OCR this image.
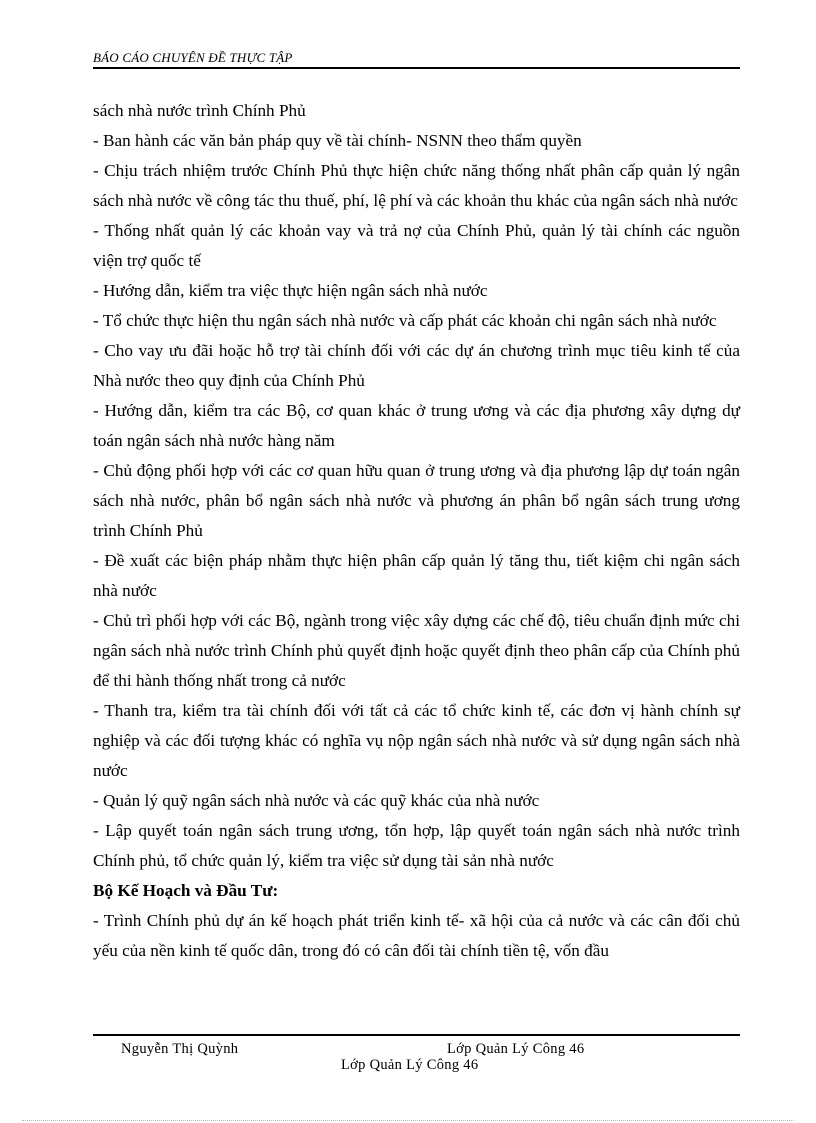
BÁO CÁO CHUYÊN ĐỀ THỰC TẬP

sách nhà nước trình Chính Phủ

- Ban hành các văn bản pháp quy về tài chính- NSNN theo thẩm quyền

- Chịu trách nhiệm trước Chính Phủ thực hiện chức năng thống nhất phân cấp quản lý ngân sách nhà nước về công tác thu thuế, phí, lệ phí và các khoản thu khác của ngân sách nhà nước

- Thống nhất quản lý các khoản vay và trả nợ của Chính Phủ, quản lý tài chính các nguồn viện trợ quốc tế

- Hướng dẫn, kiểm tra việc thực hiện ngân sách nhà nước

- Tổ chức thực hiện thu ngân sách nhà nước và cấp phát các khoản chi ngân sách nhà nước

- Cho vay ưu đãi hoặc hỗ trợ tài chính đối với các dự án chương trình mục tiêu kinh tế của Nhà nước theo quy định của Chính Phủ

- Hướng dẫn, kiểm tra các Bộ, cơ quan khác ở trung ương và các địa phương xây dựng dự toán ngân sách nhà nước hàng năm

- Chủ động phối hợp với các cơ quan hữu quan ở trung ương và địa phương lập dự toán ngân sách nhà nước, phân bổ ngân sách nhà nước và phương án phân bổ ngân sách trung ương trình Chính Phủ

- Đề xuất các biện pháp nhằm thực hiện phân cấp quản lý tăng thu, tiết kiệm chi ngân sách nhà nước

- Chủ trì phối hợp với các Bộ, ngành trong việc xây dựng các chế độ, tiêu chuẩn định mức chi ngân sách nhà nước trình Chính phủ quyết định hoặc quyết định theo phân cấp của Chính phủ để thi hành thống nhất trong cả nước

- Thanh tra, kiểm tra tài chính đối với tất cả các tổ chức kinh tế, các đơn vị hành chính sự nghiệp và các đối tượng khác có nghĩa vụ nộp ngân sách nhà nước và sử dụng ngân sách nhà nước

- Quản lý quỹ ngân sách nhà nước và các quỹ khác của nhà nước

- Lập quyết toán ngân sách trung ương, tổn hợp, lập quyết toán ngân sách nhà nước trình Chính phủ, tổ chức quản lý, kiểm tra việc sử dụng tài sản nhà nước

Bộ Kế Hoạch và Đầu Tư:

- Trình Chính phủ dự án kế hoạch phát triển kinh tế- xã hội của cả nước và các cân đối chủ yếu của nền kinh tế quốc dân, trong đó có cân đối tài chính tiền tệ, vốn đầu

Nguyễn Thị Quỳnh	Lớp Quản Lý Công 46
Lớp Quản Lý Công 46
